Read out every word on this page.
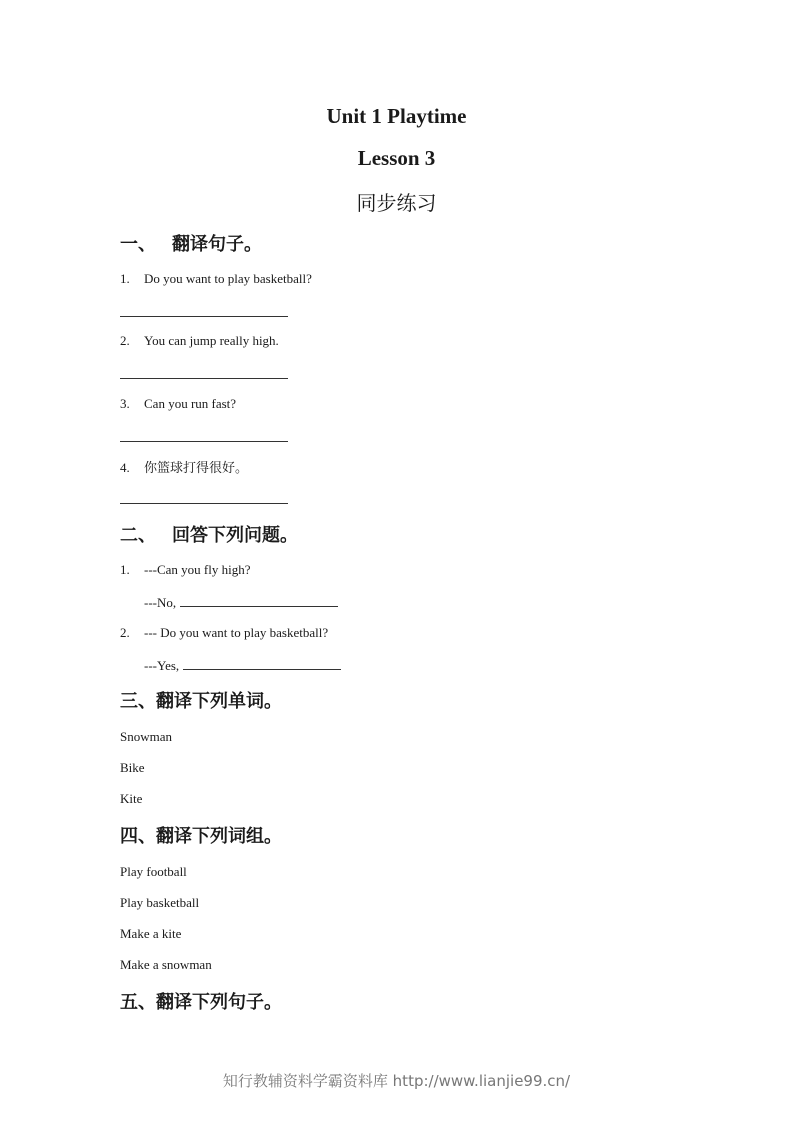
Unit 1 Playtime
Lesson 3
同步练习
一、 翻译句子。
1. Do you want to play basketball?
2. You can jump really high.
3. Can you run fast?
4. 你篮球打得很好。
二、 回答下列问题。
1. ---Can you fly high?
---No,
2. --- Do you want to play basketball?
---Yes,
三、翻译下列单词。
Snowman
Bike
Kite
四、翻译下列词组。
Play football
Play basketball
Make a kite
Make a snowman
五、翻译下列句子。
知行教辅资料学霸资料库 http://www.lianjie99.cn/
